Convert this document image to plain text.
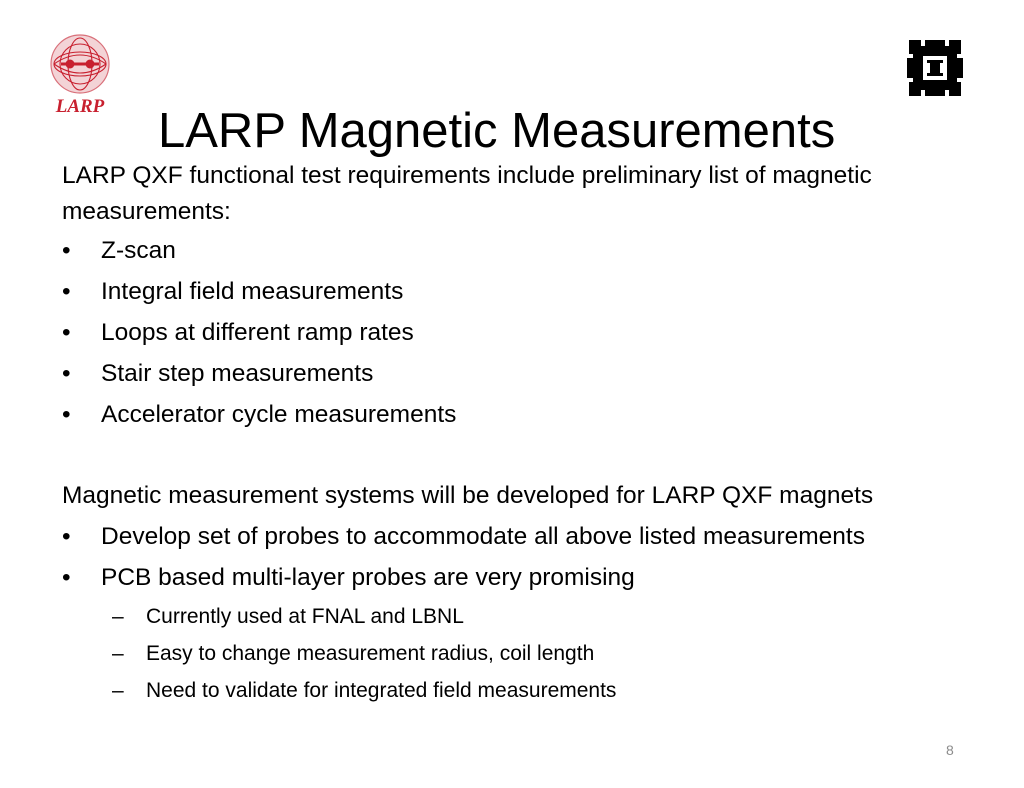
LARP LARP Magnetic Measurements
LARP QXF functional test requirements include preliminary list of magnetic measurements:
• Z-scan
• Integral field measurements
• Loops at different ramp rates
• Stair step measurements
• Accelerator cycle measurements
Magnetic measurement systems will be developed for LARP QXF magnets
• Develop set of probes to accommodate all above listed measurements
• PCB based multi-layer probes are very promising
– Currently used at FNAL and LBNL
– Easy to change measurement radius, coil length
– Need to validate for integrated field measurements
8
